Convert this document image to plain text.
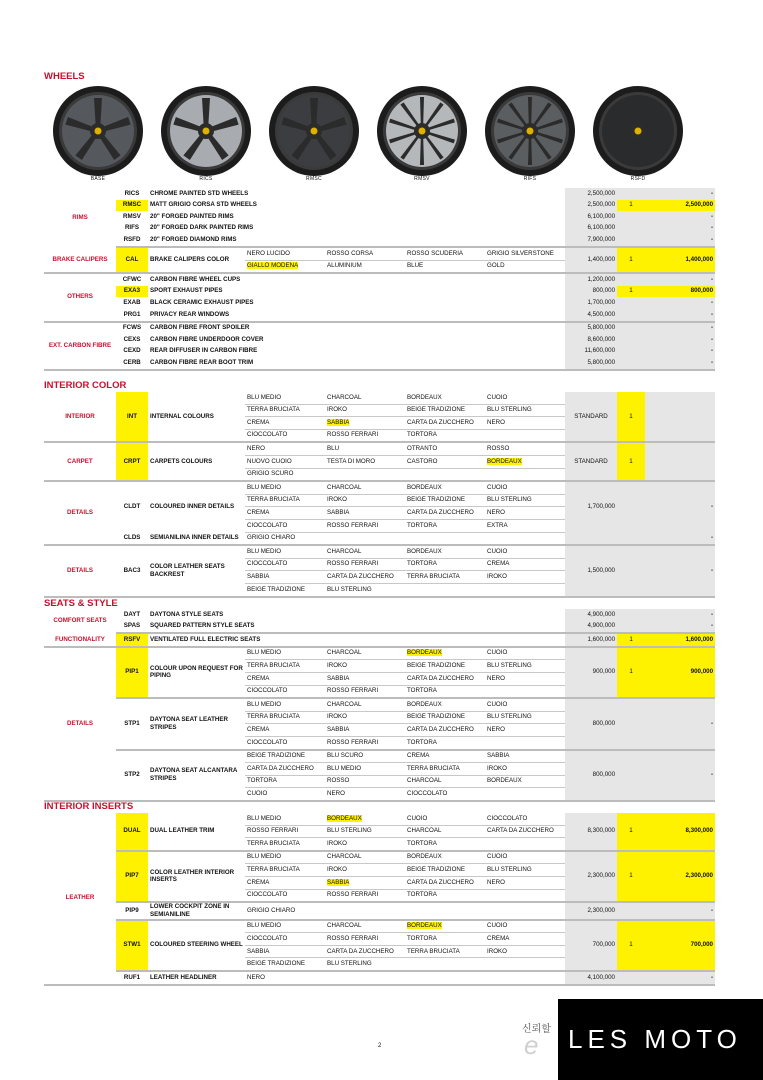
WHEELS
BASE	RICS	RMSC	RMSV	RIFS	RSFD
RIMS	RICS	CHROME PAINTED STD WHEELS					2,500,000		-
	RMSC	MATT GRIGIO CORSA STD WHEELS					2,500,000	1	2,500,000
	RMSV	20" FORGED PAINTED RIMS					6,100,000		-
	RIFS	20" FORGED DARK PAINTED RIMS					6,100,000		-
	RSFD	20" FORGED DIAMOND RIMS					7,900,000		-
BRAKE CALIPERS	CAL	BRAKE CALIPERS COLOR	NERO LUCIDO	ROSSO CORSA	ROSSO SCUDERIA	GRIGIO SILVERSTONE	1,400,000	1	1,400,000
			GIALLO MODENA	ALUMINIUM	BLUE	GOLD			
OTHERS	CFWC	CARBON FIBRE WHEEL CUPS					1,200,000		-
	EXA3	SPORT EXHAUST PIPES					800,000	1	800,000
	EXAB	BLACK CERAMIC EXHAUST PIPES					1,700,000		-
	PRG1	PRIVACY REAR WINDOWS					4,500,000		-
EXT. CARBON FIBRE	FCWS	CARBON FIBRE FRONT SPOILER					5,800,000		-
	CEXS	CARBON FIBRE UNDERDOOR COVER					8,600,000		-
	CEXD	REAR DIFFUSER IN CARBON FIBRE					11,600,000		-
	CERB	CARBON FIBRE REAR BOOT TRIM					5,800,000		-
INTERIOR COLOR
INTERIOR	INT	INTERNAL COLOURS	BLU MEDIO	CHARCOAL	BORDEAUX	CUOIO	STANDARD	1	
			TERRA BRUCIATA	IROKO	BEIGE TRADIZIONE	BLU STERLING			
			CREMA	SABBIA	CARTA DA ZUCCHERO	NERO			
			CIOCCOLATO	ROSSO FERRARI	TORTORA				
CARPET	CRPT	CARPETS COLOURS	NERO	BLU	OTRANTO	ROSSO	STANDARD	1	
			NUOVO CUOIO	TESTA DI MORO	CASTORO	BORDEAUX			
			GRIGIO SCURO						
DETAILS	CLDT	COLOURED INNER DETAILS	BLU MEDIO	CHARCOAL	BORDEAUX	CUOIO	1,700,000		-
			TERRA BRUCIATA	IROKO	BEIGE TRADIZIONE	BLU STERLING			
			CREMA	SABBIA	CARTA DA ZUCCHERO	NERO			
			CIOCCOLATO	ROSSO FERRARI	TORTORA	EXTRA			
	CLDS	SEMIANILINA INNER DETAILS	GRIGIO CHIARO						-
DETAILS	BAC3	COLOR LEATHER SEATS BACKREST	BLU MEDIO	CHARCOAL	BORDEAUX	CUOIO	1,500,000		-
			CIOCCOLATO	ROSSO FERRARI	TORTORA	CREMA			
			SABBIA	CARTA DA ZUCCHERO	TERRA BRUCIATA	IROKO			
			BEIGE TRADIZIONE	BLU STERLING					
SEATS & STYLE
COMFORT SEATS	DAYT	DAYTONA STYLE SEATS					4,900,000		-
	SPAS	SQUARED PATTERN STYLE SEATS					4,900,000		-
FUNCTIONALITY	RSFV	VENTILATED FULL ELECTRIC SEATS					1,600,000	1	1,600,000
DETAILS	PIP1	COLOUR UPON REQUEST FOR PIPING	BLU MEDIO	CHARCOAL	BORDEAUX	CUOIO	900,000	1	900,000
			TERRA BRUCIATA	IROKO	BEIGE TRADIZIONE	BLU STERLING			
			CREMA	SABBIA	CARTA DA ZUCCHERO	NERO			
			CIOCCOLATO	ROSSO FERRARI	TORTORA				
	STP1	DAYTONA SEAT LEATHER STRIPES	BLU MEDIO	CHARCOAL	BORDEAUX	CUOIO	800,000		-
			TERRA BRUCIATA	IROKO	BEIGE TRADIZIONE	BLU STERLING			
			CREMA	SABBIA	CARTA DA ZUCCHERO	NERO			
			CIOCCOLATO	ROSSO FERRARI	TORTORA				
	STP2	DAYTONA SEAT ALCANTARA STRIPES	BEIGE TRADIZIONE	BLU SCURO	CREMA	SABBIA	800,000		-
			CARTA DA ZUCCHERO	BLU MEDIO	TERRA BRUCIATA	IROKO			
			TORTORA	ROSSO	CHARCOAL	BORDEAUX			
			CUOIO	NERO	CIOCCOLATO				
INTERIOR INSERTS
LEATHER	DUAL	DUAL LEATHER TRIM	BLU MEDIO	BORDEAUX	CUOIO	CIOCCOLATO	8,300,000	1	8,300,000
			ROSSO FERRARI	BLU STERLING	CHARCOAL	CARTA DA ZUCCHERO			
			TERRA BRUCIATA	IROKO	TORTORA				
	PIP7	COLOR LEATHER INTERIOR INSERTS	BLU MEDIO	CHARCOAL	BORDEAUX	CUOIO	2,300,000	1	2,300,000
			TERRA BRUCIATA	IROKO	BEIGE TRADIZIONE	BLU STERLING			
			CREMA	SABBIA	CARTA DA ZUCCHERO	NERO			
			CIOCCOLATO	ROSSO FERRARI	TORTORA				
	PIP9	LOWER COCKPIT ZONE IN SEMIANILINE	GRIGIO CHIARO				2,300,000		-
	STW1	COLOURED STEERING WHEEL	BLU MEDIO	CHARCOAL	BORDEAUX	CUOIO	700,000	1	700,000
			CIOCCOLATO	ROSSO FERRARI	TORTORA	CREMA			
			SABBIA	CARTA DA ZUCCHERO	TERRA BRUCIATA	IROKO			
			BEIGE TRADIZIONE	BLU STERLING					
	RUF1	LEATHER HEADLINER	NERO				4,100,000		-
2
신뢰할
e	LES MOTO
